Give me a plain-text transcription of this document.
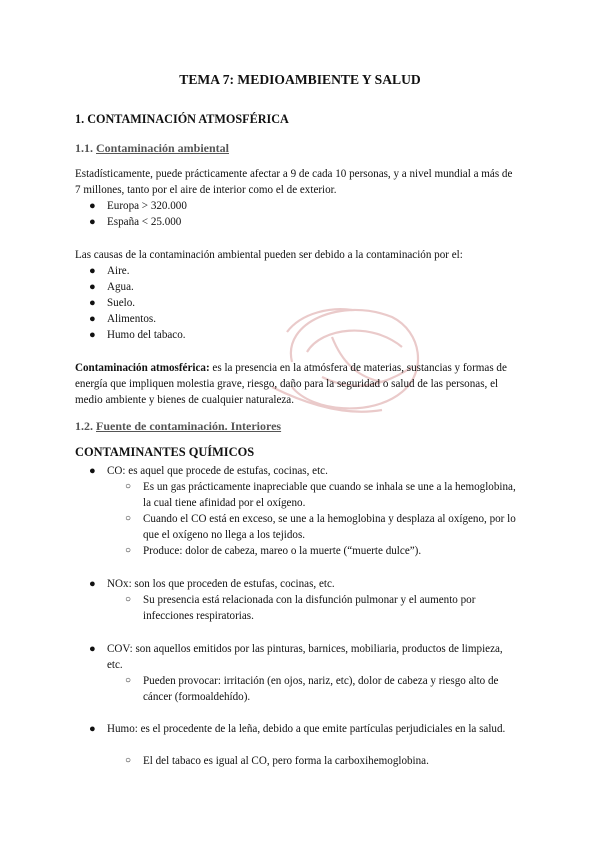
TEMA 7: MEDIOAMBIENTE Y SALUD
1. CONTAMINACIÓN ATMOSFÉRICA
1.1. Contaminación ambiental
Estadísticamente, puede prácticamente afectar a 9 de cada 10 personas, y a nivel mundial a más de 7 millones, tanto por el aire de interior como el de exterior.
● Europa > 320.000
● España < 25.000
Las causas de la contaminación ambiental pueden ser debido a la contaminación por el:
● Aire.
● Agua.
● Suelo.
● Alimentos.
● Humo del tabaco.
Contaminación atmosférica: es la presencia en la atmósfera de materias, sustancias y formas de energía que impliquen molestia grave, riesgo, daño para la seguridad o salud de las personas, el medio ambiente y bienes de cualquier naturaleza.
1.2. Fuente de contaminación. Interiores
CONTAMINANTES QUÍMICOS
● CO: es aquel que procede de estufas, cocinas, etc.
○ Es un gas prácticamente inapreciable que cuando se inhala se une a la hemoglobina, la cual tiene afinidad por el oxígeno.
○ Cuando el CO está en exceso, se une a la hemoglobina y desplaza al oxígeno, por lo que el oxígeno no llega a los tejidos.
○ Produce: dolor de cabeza, mareo o la muerte (“muerte dulce”).
● NOx: son los que proceden de estufas, cocinas, etc.
○ Su presencia está relacionada con la disfunción pulmonar y el aumento por infecciones respiratorias.
● COV: son aquellos emitidos por las pinturas, barnices, mobiliaria, productos de limpieza, etc.
○ Pueden provocar: irritación (en ojos, nariz, etc), dolor de cabeza y riesgo alto de cáncer (formoaldehído).
● Humo: es el procedente de la leña, debido a que emite partículas perjudiciales en la salud.
○ El del tabaco es igual al CO, pero forma la carboxihemoglobina.
